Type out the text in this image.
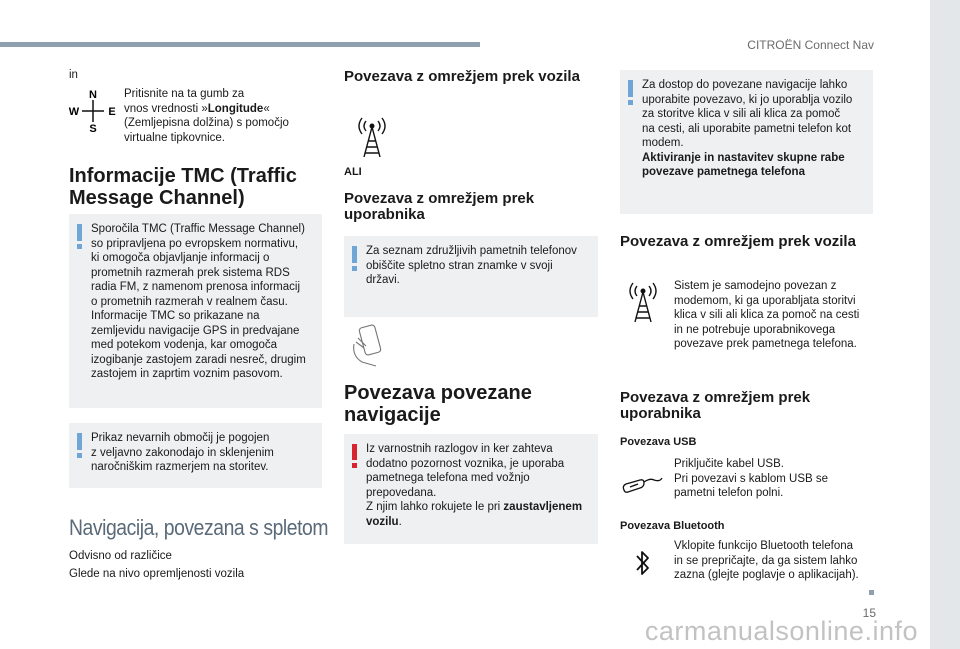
CITROËN Connect Nav
15
carmanualsonline.info
in
N
S
W	E
Pritisnite na ta gumb za
vnos vrednosti »Longitude«
(Zemljepisna dolžina) s pomočjo
virtualne tipkovnice.
Informacije TMC (Traffic
Message Channel)
Sporočila TMC (Traffic Message Channel)
so pripravljena po evropskem normativu,
ki omogoča objavljanje informacij o
prometnih razmerah prek sistema RDS
radia FM, z namenom prenosa informacij
o prometnih razmerah v realnem času.
Informacije TMC so prikazane na
zemljevidu navigacije GPS in predvajane
med potekom vodenja, kar omogoča
izogibanje zastojem zaradi nesreč, drugim
zastojem in zaprtim voznim pasovom.
Prikaz nevarnih območij je pogojen
z veljavno zakonodajo in sklenjenim
naročniškim razmerjem na storitev.
Navigacija, povezana s spletom
Odvisno od različice
Glede na nivo opremljenosti vozila
Povezava z omrežjem prek vozila
ALI
Povezava z omrežjem prek
uporabnika
Za seznam združljivih pametnih telefonov
obiščite spletno stran znamke v svoji
državi.
Povezava povezane
navigacije
Iz varnostnih razlogov in ker zahteva
dodatno pozornost voznika, je uporaba
pametnega telefona med vožnjo
prepovedana.
Z njim lahko rokujete le pri zaustavljenem
vozilu.
Za dostop do povezane navigacije lahko
uporabite povezavo, ki jo uporablja vozilo
za storitve klica v sili ali klica za pomoč
na cesti, ali uporabite pametni telefon kot
modem.
Aktiviranje in nastavitev skupne rabe
povezave pametnega telefona
Povezava z omrežjem prek vozila
Sistem je samodejno povezan z
modemom, ki ga uporabljata storitvi
klica v sili ali klica za pomoč na cesti
in ne potrebuje uporabnikovega
povezave prek pametnega telefona.
Povezava z omrežjem prek
uporabnika
Povezava USB
Priključite kabel USB.
Pri povezavi s kablom USB se
pametni telefon polni.
Povezava Bluetooth
Vklopite funkcijo Bluetooth telefona
in se prepričajte, da ga sistem lahko
zazna (glejte poglavje o aplikacijah).
